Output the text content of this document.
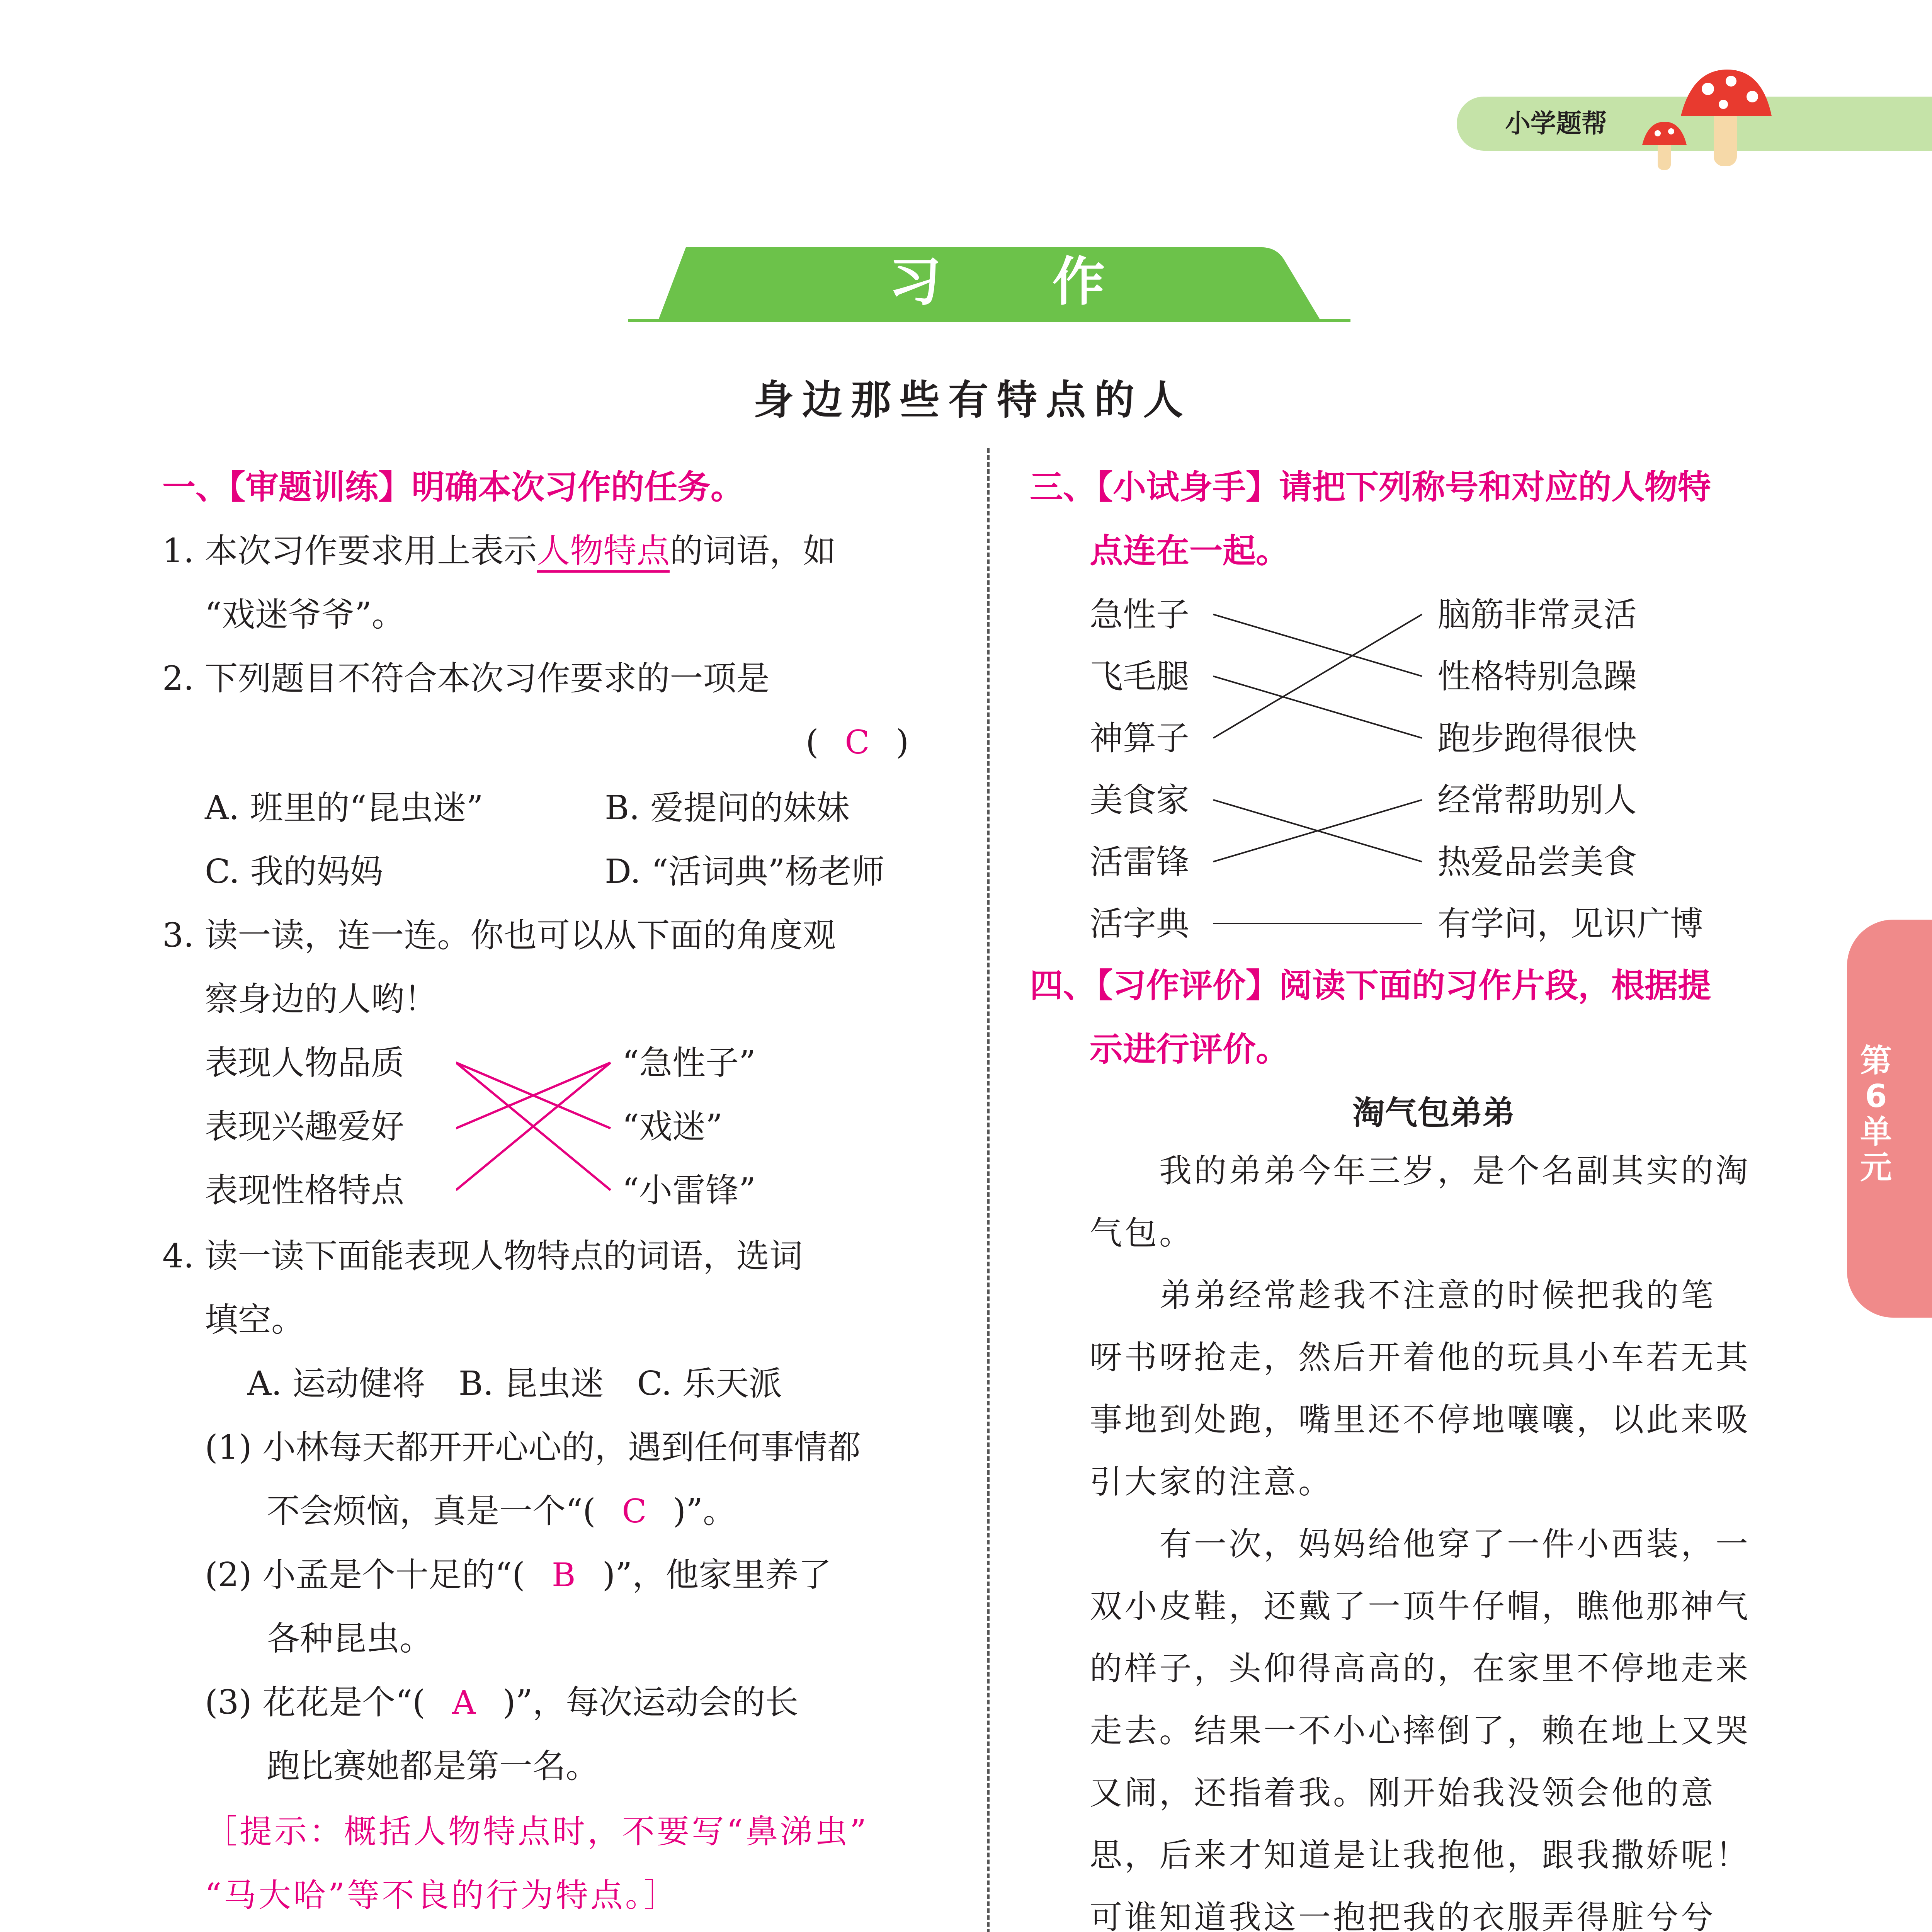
小学题帮
习 作
身边那些有特点的人
一、【审题训练】明确本次习作的任务。
1. 本次习作要求用上表示人物特点的词语，如
“戏迷爷爷”。
2. 下列题目不符合本次习作要求的一项是
( C )
A. 班里的“昆虫迷”	B. 爱提问的妹妹
C. 我的妈妈	D. “活词典”杨老师
3. 读一读，连一连。你也可以从下面的角度观
察身边的人哟！
表现人物品质
表现兴趣爱好
表现性格特点
“急性子”
“戏迷”
“小雷锋”
4. 读一读下面能表现人物特点的词语，选词
填空。
A. 运动健将　B. 昆虫迷　C. 乐天派
(1) 小林每天都开开心心的，遇到任何事情都
不会烦恼，真是一个“( C )”。
(2) 小孟是个十足的“( B )”，他家里养了
各种昆虫。
(3) 花花是个“( A )”，每次运动会的长
跑比赛她都是第一名。
［提示：概括人物特点时，不要写“鼻涕虫”
“马大哈”等不良的行为特点。］
三、【小试身手】请把下列称号和对应的人物特
点连在一起。
急性子
飞毛腿
神算子
美食家
活雷锋
活字典
脑筋非常灵活
性格特别急躁
跑步跑得很快
经常帮助别人
热爱品尝美食
有学问，见识广博
四、【习作评价】阅读下面的习作片段，根据提
示进行评价。
淘气包弟弟
　　我的弟弟今年三岁，是个名副其实的淘
气包。
　　弟弟经常趁我不注意的时候把我的笔
呀书呀抢走，然后开着他的玩具小车若无其
事地到处跑，嘴里还不停地嚷嚷，以此来吸
引大家的注意。
　　有一次，妈妈给他穿了一件小西装，一
双小皮鞋，还戴了一顶牛仔帽，瞧他那神气
的样子，头仰得高高的，在家里不停地走来
走去。结果一不小心摔倒了，赖在地上又哭
又闹，还指着我。刚开始我没领会他的意
思，后来才知道是让我抱他，跟我撒娇呢！
可谁知道我这一抱把我的衣服弄得脏兮兮
第6单元
